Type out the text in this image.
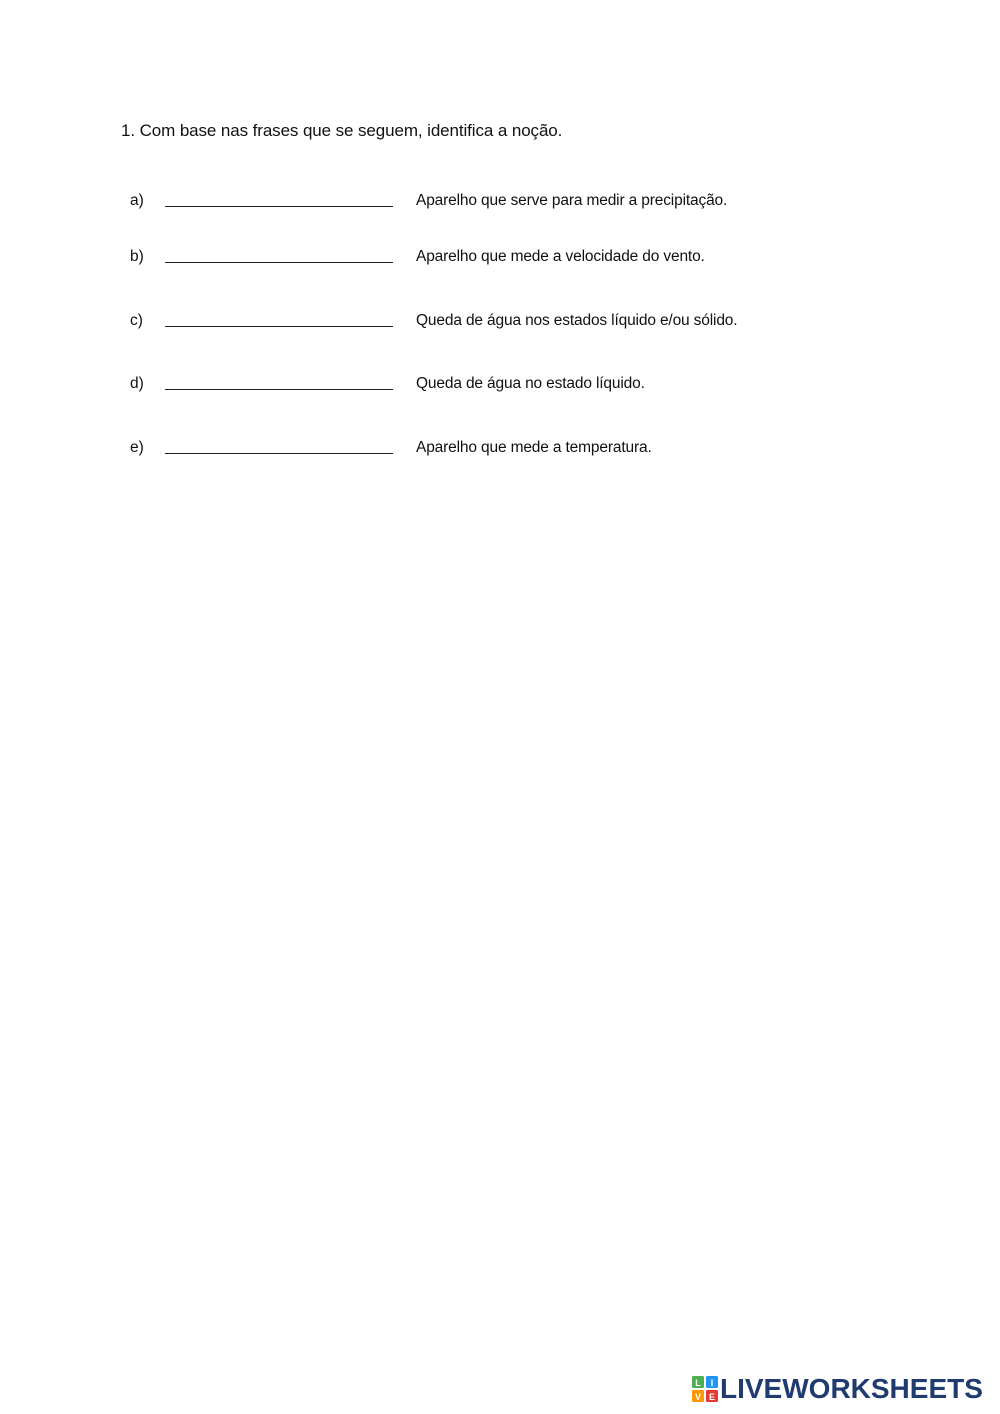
1. Com base nas frases que se seguem, identifica a noção.
a)	Aparelho que serve para medir a precipitação.
b)	Aparelho que mede a velocidade do vento.
c)	Queda de água nos estados líquido e/ou sólido.
d)	Queda de água no estado líquido.
e)	Aparelho que mede a temperatura.
L I
V E LIVEWORKSHEETS
